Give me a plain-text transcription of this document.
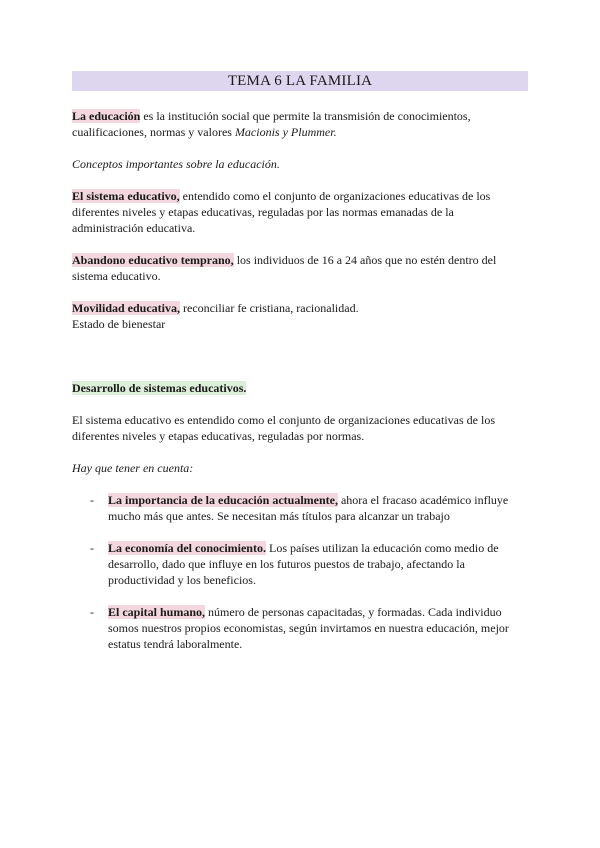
TEMA 6 LA FAMILIA
La educación es la institución social que permite la transmisión de conocimientos, cualificaciones, normas y valores Macionis y Plummer.
Conceptos importantes sobre la educación.
El sistema educativo, entendido como el conjunto de organizaciones educativas de los diferentes niveles y etapas educativas, reguladas por las normas emanadas de la administración educativa.
Abandono educativo temprano, los individuos de 16 a 24 años que no estén dentro del sistema educativo.
Movilidad educativa, reconciliar fe cristiana, racionalidad.
Estado de bienestar
Desarrollo de sistemas educativos.
El sistema educativo es entendido como el conjunto de organizaciones educativas de los diferentes niveles y etapas educativas, reguladas por normas.
Hay que tener en cuenta:
- La importancia de la educación actualmente, ahora el fracaso académico influye mucho más que antes. Se necesitan más títulos para alcanzar un trabajo
- La economía del conocimiento. Los países utilizan la educación como medio de desarrollo, dado que influye en los futuros puestos de trabajo, afectando la productividad y los beneficios.
- El capital humano, número de personas capacitadas, y formadas. Cada individuo somos nuestros propios economistas, según invirtamos en nuestra educación, mejor estatus tendrá laboralmente.
